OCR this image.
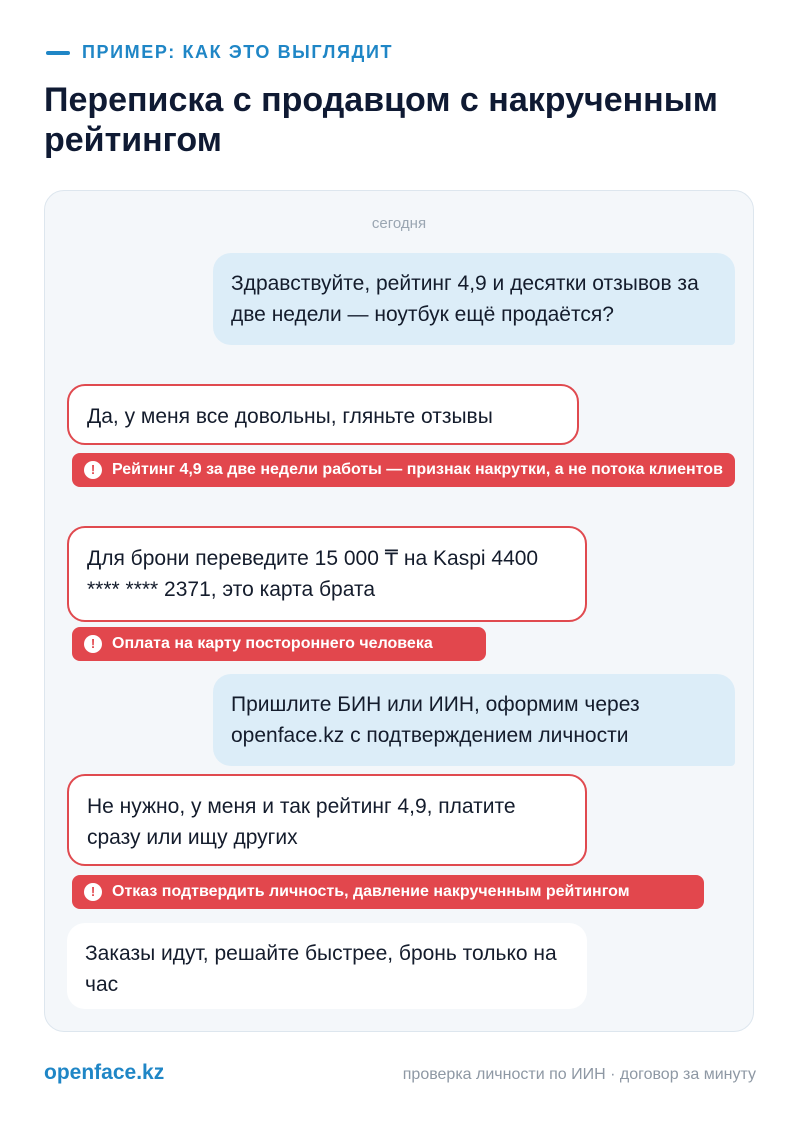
ПРИМЕР: КАК ЭТО ВЫГЛЯДИТ
Переписка с продавцом с накрученным рейтингом
сегодня
Здравствуйте, рейтинг 4,9 и десятки отзывов за две недели — ноутбук ещё продаётся?
Да, у меня все довольны, гляньте отзывы
!	Рейтинг 4,9 за две недели работы — признак накрутки, а не потока клиентов
Для брони переведите 15 000 ₸ на Kaspi 4400 **** **** 2371, это карта брата
!	Оплата на карту постороннего человека
Пришлите БИН или ИИН, оформим через openface.kz с подтверждением личности
Не нужно, у меня и так рейтинг 4,9, платите сразу или ищу других
!	Отказ подтвердить личность, давление накрученным рейтингом
Заказы идут, решайте быстрее, бронь только на час
openface.kz	проверка личности по ИИН · договор за минуту
